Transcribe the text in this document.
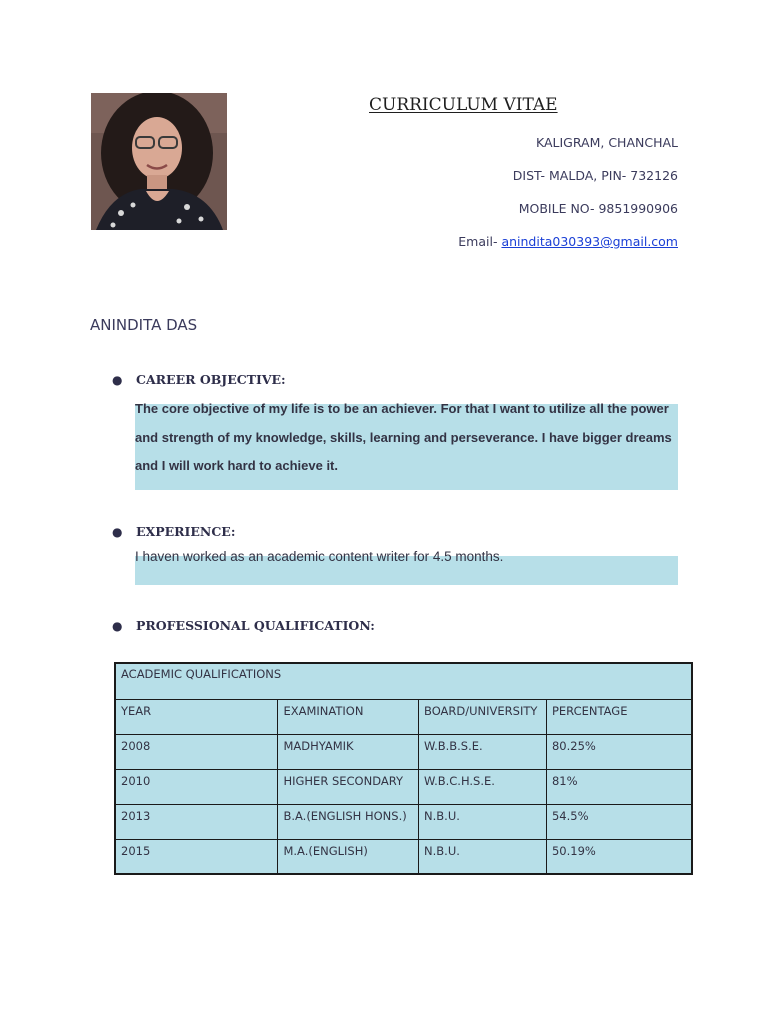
CURRICULUM VITAE
KALIGRAM, CHANCHAL
DIST- MALDA, PIN- 732126
MOBILE NO- 9851990906
Email- anindita030393@gmail.com
ANINDITA DAS
● CAREER OBJECTIVE:
The core objective of my life is to be an achiever. For that I want to utilize all the power and strength of my knowledge, skills, learning and perseverance. I have bigger dreams and I will work hard to achieve it.
● EXPERIENCE:
I haven worked as an academic content writer for 4.5 months.
● PROFESSIONAL QUALIFICATION:
ACADEMIC QUALIFICATIONS			
YEAR	EXAMINATION	BOARD/UNIVERSITY	PERCENTAGE
2008	MADHYAMIK	W.B.B.S.E.	80.25%
2010	HIGHER SECONDARY	W.B.C.H.S.E.	81%
2013	B.A.(ENGLISH HONS.)	N.B.U.	54.5%
2015	M.A.(ENGLISH)	N.B.U.	50.19%
